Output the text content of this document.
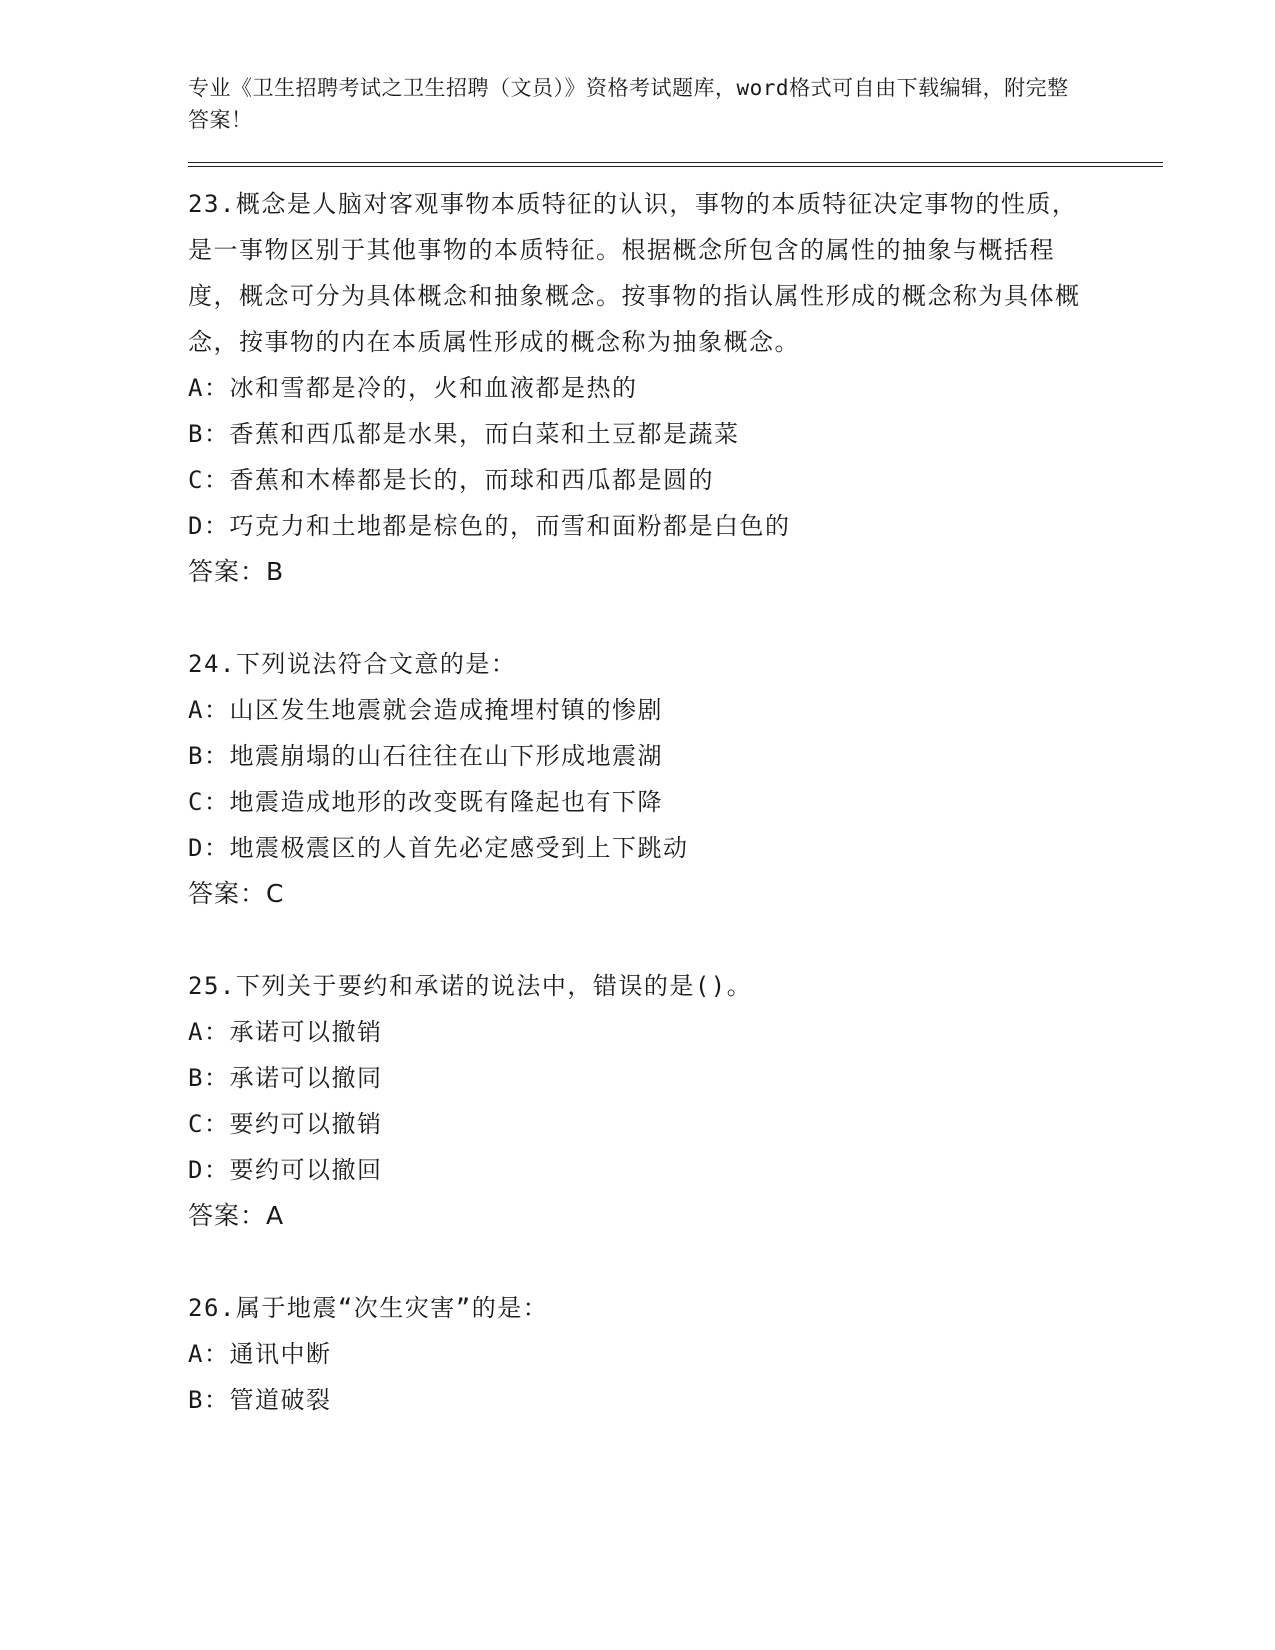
专业《卫生招聘考试之卫生招聘（文员）》资格考试题库，word格式可自由下载编辑，附完整答案！

23.概念是人脑对客观事物本质特征的认识，事物的本质特征决定事物的性质，是一事物区别于其他事物的本质特征。根据概念所包含的属性的抽象与概括程度，概念可分为具体概念和抽象概念。按事物的指认属性形成的概念称为具体概念，按事物的内在本质属性形成的概念称为抽象概念。

A：冰和雪都是冷的，火和血液都是热的

B：香蕉和西瓜都是水果，而白菜和土豆都是蔬菜

C：香蕉和木棒都是长的，而球和西瓜都是圆的

D：巧克力和土地都是棕色的，而雪和面粉都是白色的

答案：B

24.下列说法符合文意的是：

A：山区发生地震就会造成掩埋村镇的惨剧

B：地震崩塌的山石往往在山下形成地震湖

C：地震造成地形的改变既有隆起也有下降

D：地震极震区的人首先必定感受到上下跳动

答案：C

25.下列关于要约和承诺的说法中，错误的是()。

A：承诺可以撤销

B：承诺可以撤同

C：要约可以撤销

D：要约可以撤回

答案：A

26.属于地震“次生灾害”的是：

A：通讯中断

B：管道破裂
